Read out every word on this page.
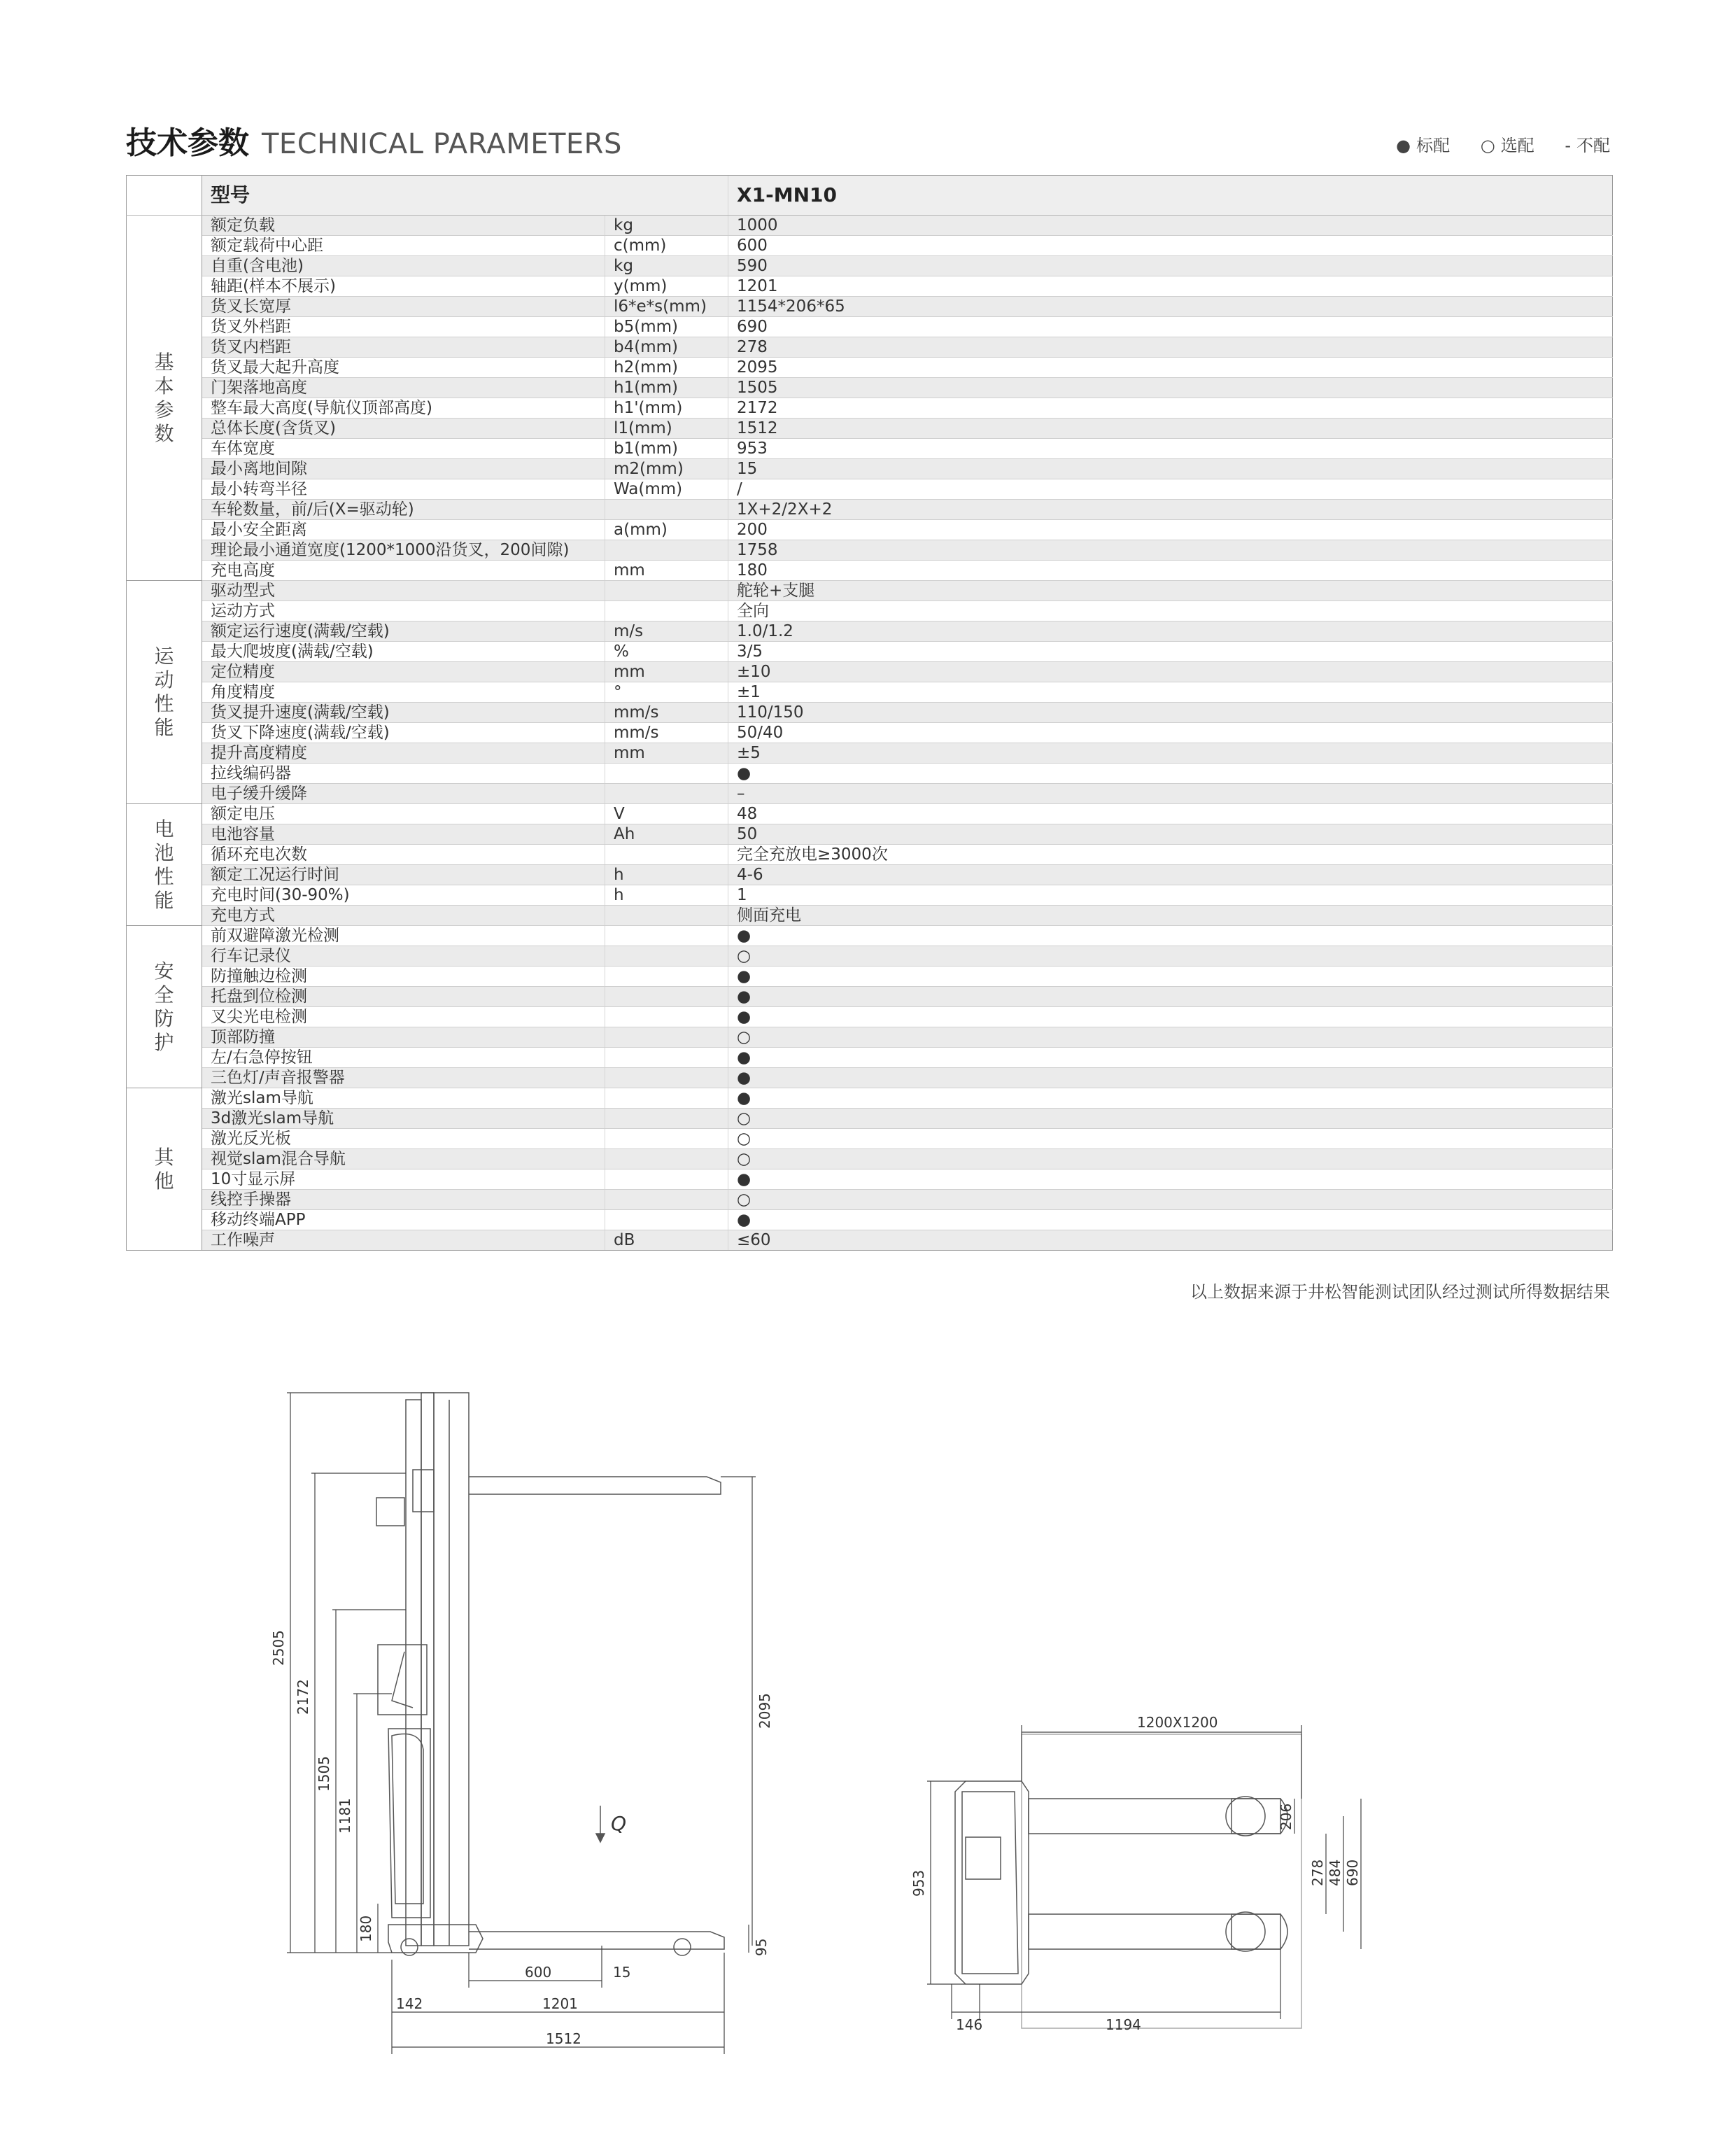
技术参数 TECHNICAL PARAMETERS	● 标配 ○ 选配 - 不配
	型号		X1-MN10
基本参数	额定负载	kg	1000
	额定载荷中心距	c(mm)	600
	自重(含电池)	kg	590
	轴距(样本不展示)	y(mm)	1201
	货叉长宽厚	l6*e*s(mm)	1154*206*65
	货叉外档距	b5(mm)	690
	货叉内档距	b4(mm)	278
	货叉最大起升高度	h2(mm)	2095
	门架落地高度	h1(mm)	1505
	整车最大高度(导航仪顶部高度)	h1'(mm)	2172
	总体长度(含货叉)	l1(mm)	1512
	车体宽度	b1(mm)	953
	最小离地间隙	m2(mm)	15
	最小转弯半径	Wa(mm)	/
	车轮数量，前/后(X=驱动轮)		1X+2/2X+2
	最小安全距离	a(mm)	200
	理论最小通道宽度(1200*1000沿货叉，200间隙)		1758
	充电高度	mm	180
运动性能	驱动型式		舵轮+支腿
	运动方式		全向
	额定运行速度(满载/空载)	m/s	1.0/1.2
	最大爬坡度(满载/空载)	%	3/5
	定位精度	mm	±10
	角度精度	°	±1
	货叉提升速度(满载/空载)	mm/s	110/150
	货叉下降速度(满载/空载)	mm/s	50/40
	提升高度精度	mm	±5
	拉线编码器		●
	电子缓升缓降		–
电池性能	额定电压	V	48
	电池容量	Ah	50
	循环充电次数		完全充放电≥3000次
	额定工况运行时间	h	4-6
	充电时间(30-90%)	h	1
	充电方式		侧面充电
安全防护	前双避障激光检测		●
	行车记录仪		○
	防撞触边检测		●
	托盘到位检测		●
	叉尖光电检测		●
	顶部防撞		○
	左/右急停按钮		●
	三色灯/声音报警器		●
其他	激光slam导航		●
	3d激光slam导航		○
	激光反光板		○
	视觉slam混合导航		○
	10寸显示屏		●
	线控手操器		○
	移动终端APP		●
	工作噪声	dB	≤60
以上数据来源于井松智能测试团队经过测试所得数据结果
2505
2172
1505
1181
180
2095
95
600	15
142	1201
1512
Q
1200X1200
206
278 484 690
953
146	1194
